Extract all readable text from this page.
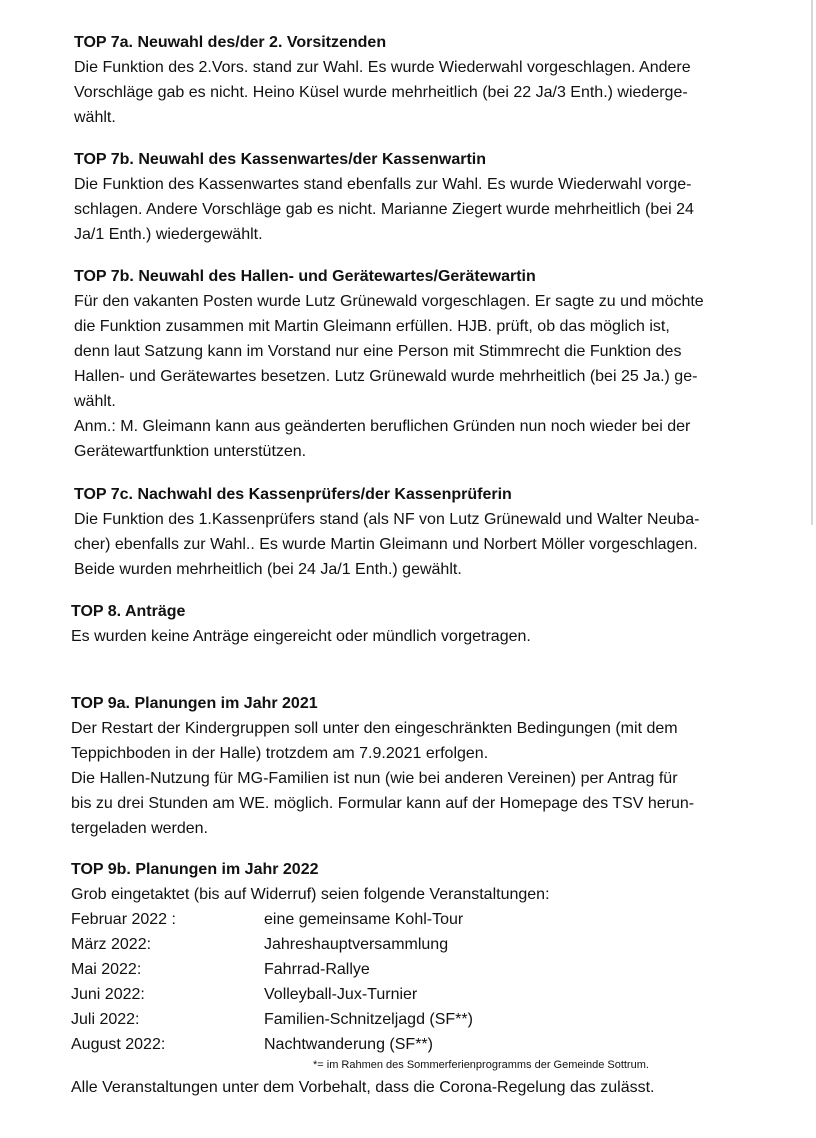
TOP 7a. Neuwahl des/der 2. Vorsitzenden
Die Funktion des 2.Vors. stand zur Wahl. Es wurde Wiederwahl vorgeschlagen. Andere
Vorschläge gab es nicht. Heino Küsel wurde mehrheitlich (bei 22 Ja/3 Enth.) wiederge-
wählt.
TOP 7b. Neuwahl des Kassenwartes/der Kassenwartin
Die Funktion des Kassenwartes stand ebenfalls zur Wahl. Es wurde Wiederwahl vorge-
schlagen. Andere Vorschläge gab es nicht. Marianne Ziegert wurde mehrheitlich (bei 24
Ja/1 Enth.) wiedergewählt.
TOP 7b. Neuwahl des Hallen- und Gerätewartes/Gerätewartin
Für den vakanten Posten wurde Lutz Grünewald vorgeschlagen. Er sagte zu und möchte
die Funktion zusammen mit Martin Gleimann erfüllen. HJB. prüft, ob das möglich ist,
denn laut Satzung kann im Vorstand nur eine Person mit Stimmrecht die Funktion des
Hallen- und Gerätewartes besetzen. Lutz Grünewald wurde mehrheitlich (bei 25 Ja.) ge-
wählt.
Anm.: M. Gleimann kann aus geänderten beruflichen Gründen nun noch wieder bei der
Gerätewartfunktion unterstützen.
TOP 7c. Nachwahl des Kassenprüfers/der Kassenprüferin
Die Funktion des 1.Kassenprüfers stand (als NF von Lutz Grünewald und Walter Neuba-
cher) ebenfalls zur Wahl.. Es wurde Martin Gleimann und Norbert Möller vorgeschlagen.
Beide wurden mehrheitlich (bei 24 Ja/1 Enth.) gewählt.
TOP 8. Anträge
Es wurden keine Anträge eingereicht oder mündlich vorgetragen.
TOP 9a. Planungen im Jahr 2021
Der Restart der Kindergruppen soll unter den eingeschränkten Bedingungen (mit dem
Teppichboden in der Halle) trotzdem am 7.9.2021 erfolgen.
Die Hallen-Nutzung für MG-Familien ist nun (wie bei anderen Vereinen) per Antrag für
bis zu drei Stunden am WE. möglich. Formular kann auf der Homepage des TSV herun-
tergeladen werden.
TOP 9b. Planungen im Jahr 2022
Grob eingetaktet (bis auf Widerruf) seien folgende Veranstaltungen:
Februar 2022 :	eine gemeinsame Kohl-Tour
März 2022:	Jahreshauptversammlung
Mai 2022:	Fahrrad-Rallye
Juni 2022:	Volleyball-Jux-Turnier
Juli 2022:	Familien-Schnitzeljagd (SF**)
August 2022:	Nachtwanderung (SF**)
*= im Rahmen des Sommerferienprogramms der Gemeinde Sottrum.
Alle Veranstaltungen unter dem Vorbehalt, dass die Corona-Regelung das zulässt.
